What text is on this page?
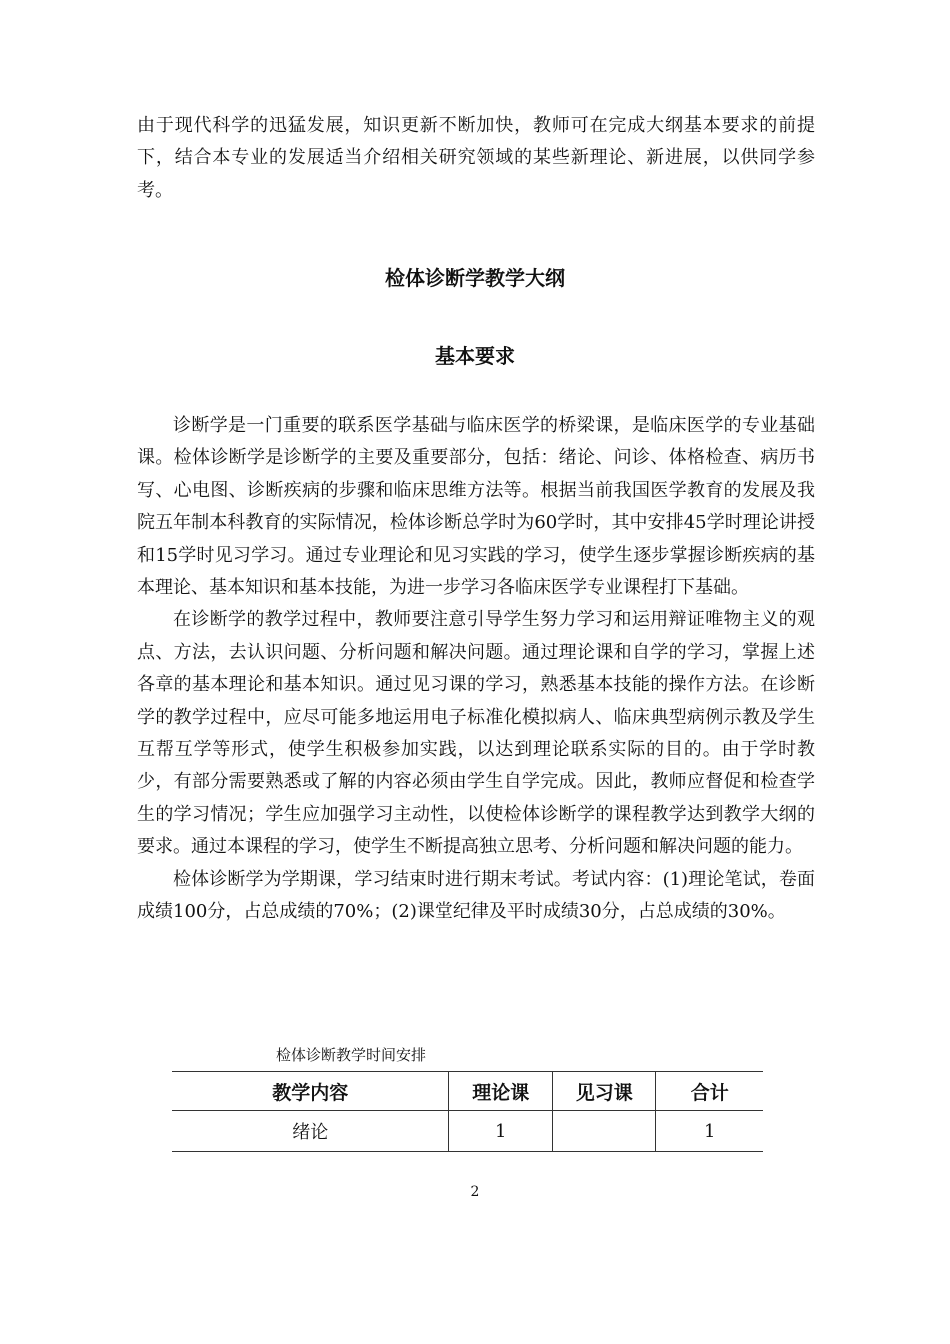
由于现代科学的迅猛发展，知识更新不断加快，教师可在完成大纲基本要求的前提下，结合本专业的发展适当介绍相关研究领域的某些新理论、新进展，以供同学参考。
检体诊断学教学大纲
基本要求

诊断学是一门重要的联系医学基础与临床医学的桥梁课，是临床医学的专业基础课。检体诊断学是诊断学的主要及重要部分，包括：绪论、问诊、体格检查、病历书写、心电图、诊断疾病的步骤和临床思维方法等。根据当前我国医学教育的发展及我院五年制本科教育的实际情况，检体诊断总学时为60学时，其中安排45学时理论讲授和15学时见习学习。通过专业理论和见习实践的学习，使学生逐步掌握诊断疾病的基本理论、基本知识和基本技能，为进一步学习各临床医学专业课程打下基础。

在诊断学的教学过程中，教师要注意引导学生努力学习和运用辩证唯物主义的观点、方法，去认识问题、分析问题和解决问题。通过理论课和自学的学习，掌握上述各章的基本理论和基本知识。通过见习课的学习，熟悉基本技能的操作方法。在诊断学的教学过程中，应尽可能多地运用电子标准化模拟病人、临床典型病例示教及学生互帮互学等形式，使学生积极参加实践，以达到理论联系实际的目的。由于学时教少，有部分需要熟悉或了解的内容必须由学生自学完成。因此，教师应督促和检查学生的学习情况；学生应加强学习主动性，以使检体诊断学的课程教学达到教学大纲的要求。通过本课程的学习，使学生不断提高独立思考、分析问题和解决问题的能力。

检体诊断学为学期课，学习结束时进行期末考试。考试内容：(1)理论笔试，卷面成绩100分，占总成绩的70%；(2)课堂纪律及平时成绩30分，占总成绩的30%。

检体诊断教学时间安排
教学内容	理论课	见习课	合计
绪论	1		1
2
